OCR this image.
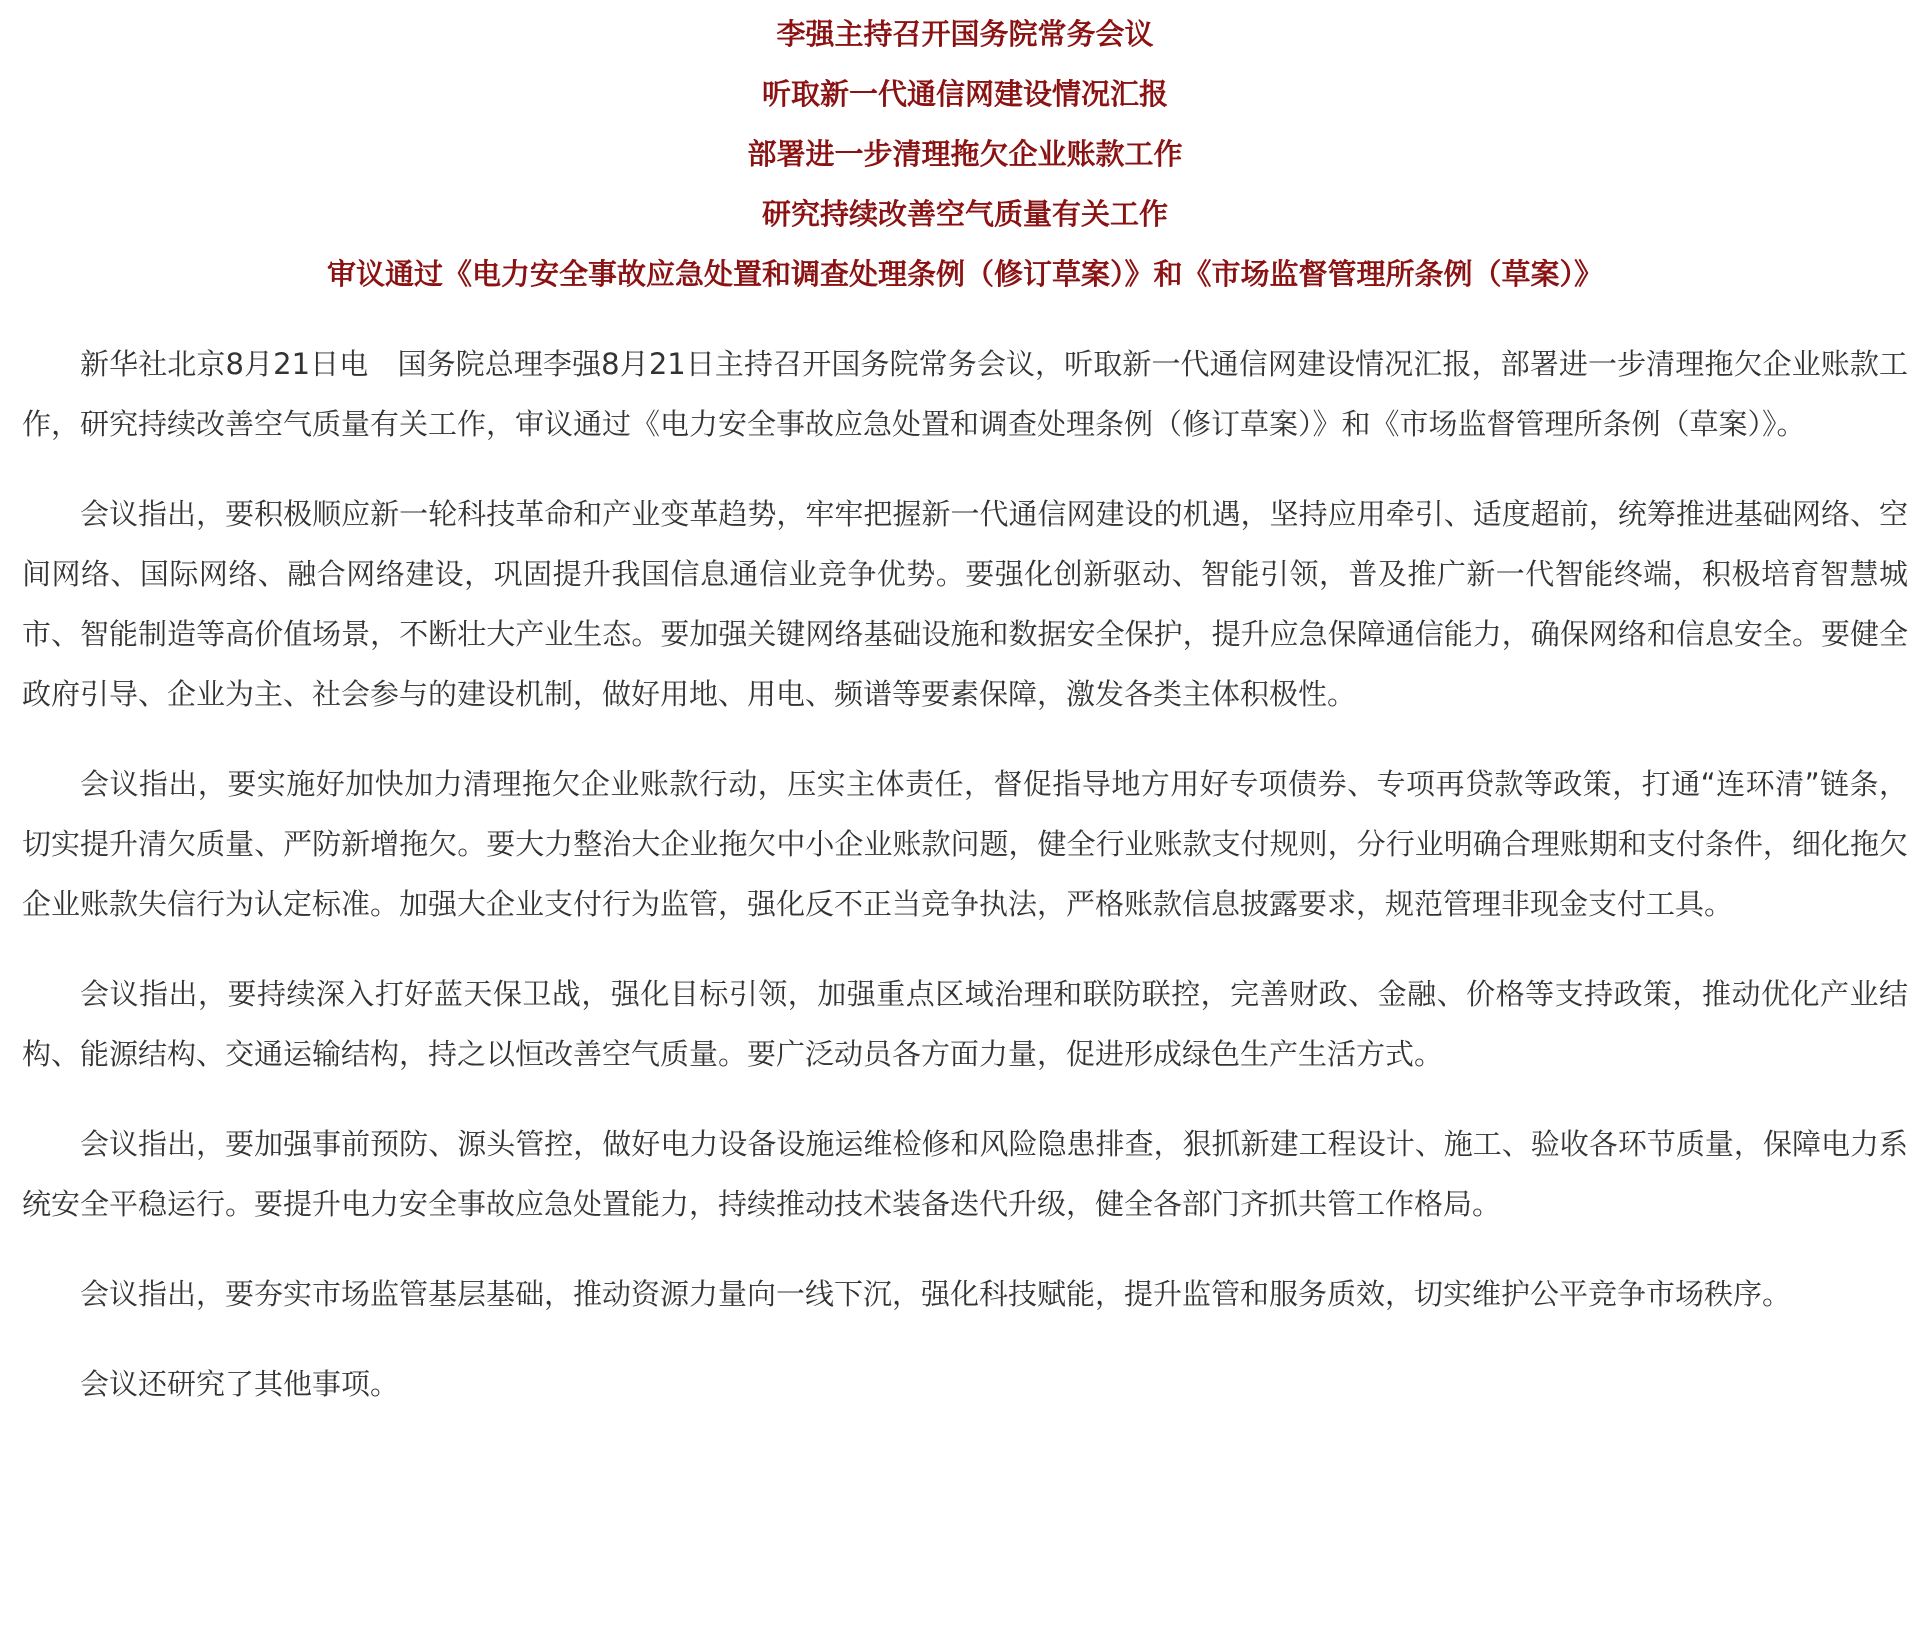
李强主持召开国务院常务会议
听取新一代通信网建设情况汇报
部署进一步清理拖欠企业账款工作
研究持续改善空气质量有关工作
审议通过《电力安全事故应急处置和调查处理条例（修订草案）》和《市场监督管理所条例（草案）》

新华社北京8月21日电　国务院总理李强8月21日主持召开国务院常务会议，听取新一代通信网建设情况汇报，部署进一步清理拖欠企业账款工作，研究持续改善空气质量有关工作，审议通过《电力安全事故应急处置和调查处理条例（修订草案）》和《市场监督管理所条例（草案）》。

会议指出，要积极顺应新一轮科技革命和产业变革趋势，牢牢把握新一代通信网建设的机遇，坚持应用牵引、适度超前，统筹推进基础网络、空间网络、国际网络、融合网络建设，巩固提升我国信息通信业竞争优势。要强化创新驱动、智能引领，普及推广新一代智能终端，积极培育智慧城市、智能制造等高价值场景，不断壮大产业生态。要加强关键网络基础设施和数据安全保护，提升应急保障通信能力，确保网络和信息安全。要健全政府引导、企业为主、社会参与的建设机制，做好用地、用电、频谱等要素保障，激发各类主体积极性。

会议指出，要实施好加快加力清理拖欠企业账款行动，压实主体责任，督促指导地方用好专项债券、专项再贷款等政策，打通“连环清”链条，切实提升清欠质量、严防新增拖欠。要大力整治大企业拖欠中小企业账款问题，健全行业账款支付规则，分行业明确合理账期和支付条件，细化拖欠企业账款失信行为认定标准。加强大企业支付行为监管，强化反不正当竞争执法，严格账款信息披露要求，规范管理非现金支付工具。

会议指出，要持续深入打好蓝天保卫战，强化目标引领，加强重点区域治理和联防联控，完善财政、金融、价格等支持政策，推动优化产业结构、能源结构、交通运输结构，持之以恒改善空气质量。要广泛动员各方面力量，促进形成绿色生产生活方式。

会议指出，要加强事前预防、源头管控，做好电力设备设施运维检修和风险隐患排查，狠抓新建工程设计、施工、验收各环节质量，保障电力系统安全平稳运行。要提升电力安全事故应急处置能力，持续推动技术装备迭代升级，健全各部门齐抓共管工作格局。

会议指出，要夯实市场监管基层基础，推动资源力量向一线下沉，强化科技赋能，提升监管和服务质效，切实维护公平竞争市场秩序。

会议还研究了其他事项。
